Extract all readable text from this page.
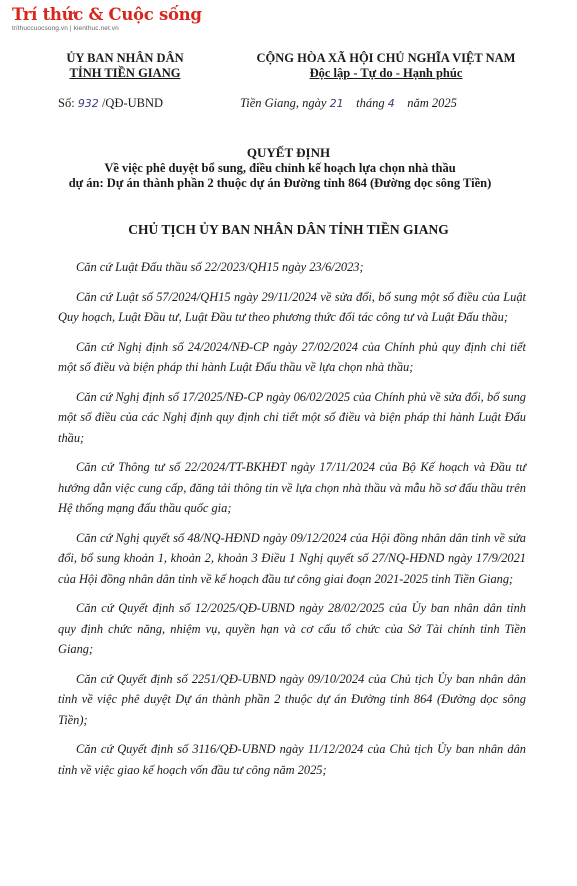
Trí thức & Cuộc sống
trithuccuocsong.vn | kienthuc.net.vn
ỦY BAN NHÂN DÂN
TỈNH TIỀN GIANG
CỘNG HÒA XÃ HỘI CHỦ NGHĨA VIỆT NAM
Độc lập - Tự do - Hạnh phúc
Số: 932 /QĐ-UBND	Tiền Giang, ngày 21 tháng 4 năm 2025
QUYẾT ĐỊNH
Về việc phê duyệt bổ sung, điều chỉnh kế hoạch lựa chọn nhà thầu
dự án: Dự án thành phần 2 thuộc dự án Đường tỉnh 864 (Đường dọc sông Tiền)
CHỦ TỊCH ỦY BAN NHÂN DÂN TỈNH TIỀN GIANG

Căn cứ Luật Đấu thầu số 22/2023/QH15 ngày 23/6/2023;

Căn cứ Luật số 57/2024/QH15 ngày 29/11/2024 về sửa đổi, bổ sung một số điều của Luật Quy hoạch, Luật Đầu tư, Luật Đầu tư theo phương thức đối tác công tư và Luật Đấu thầu;

Căn cứ Nghị định số 24/2024/NĐ-CP ngày 27/02/2024 của Chính phủ quy định chi tiết một số điều và biện pháp thi hành Luật Đấu thầu về lựa chọn nhà thầu;

Căn cứ Nghị định số 17/2025/NĐ-CP ngày 06/02/2025 của Chính phủ về sửa đổi, bổ sung một số điều của các Nghị định quy định chi tiết một số điều và biện pháp thi hành Luật Đấu thầu;

Căn cứ Thông tư số 22/2024/TT-BKHĐT ngày 17/11/2024 của Bộ Kế hoạch và Đầu tư hướng dẫn việc cung cấp, đăng tải thông tin về lựa chọn nhà thầu và mẫu hồ sơ đấu thầu trên Hệ thống mạng đấu thầu quốc gia;

Căn cứ Nghị quyết số 48/NQ-HĐND ngày 09/12/2024 của Hội đồng nhân dân tỉnh về sửa đổi, bổ sung khoản 1, khoản 2, khoản 3 Điều 1 Nghị quyết số 27/NQ-HĐND ngày 17/9/2021 của Hội đồng nhân dân tỉnh về kế hoạch đầu tư công giai đoạn 2021-2025 tỉnh Tiền Giang;

Căn cứ Quyết định số 12/2025/QĐ-UBND ngày 28/02/2025 của Ủy ban nhân dân tỉnh quy định chức năng, nhiệm vụ, quyền hạn và cơ cấu tổ chức của Sở Tài chính tỉnh Tiền Giang;

Căn cứ Quyết định số 2251/QĐ-UBND ngày 09/10/2024 của Chủ tịch Ủy ban nhân dân tỉnh về việc phê duyệt Dự án thành phần 2 thuộc dự án Đường tỉnh 864 (Đường dọc sông Tiền);

Căn cứ Quyết định số 3116/QĐ-UBND ngày 11/12/2024 của Chủ tịch Ủy ban nhân dân tỉnh về việc giao kế hoạch vốn đầu tư công năm 2025;
